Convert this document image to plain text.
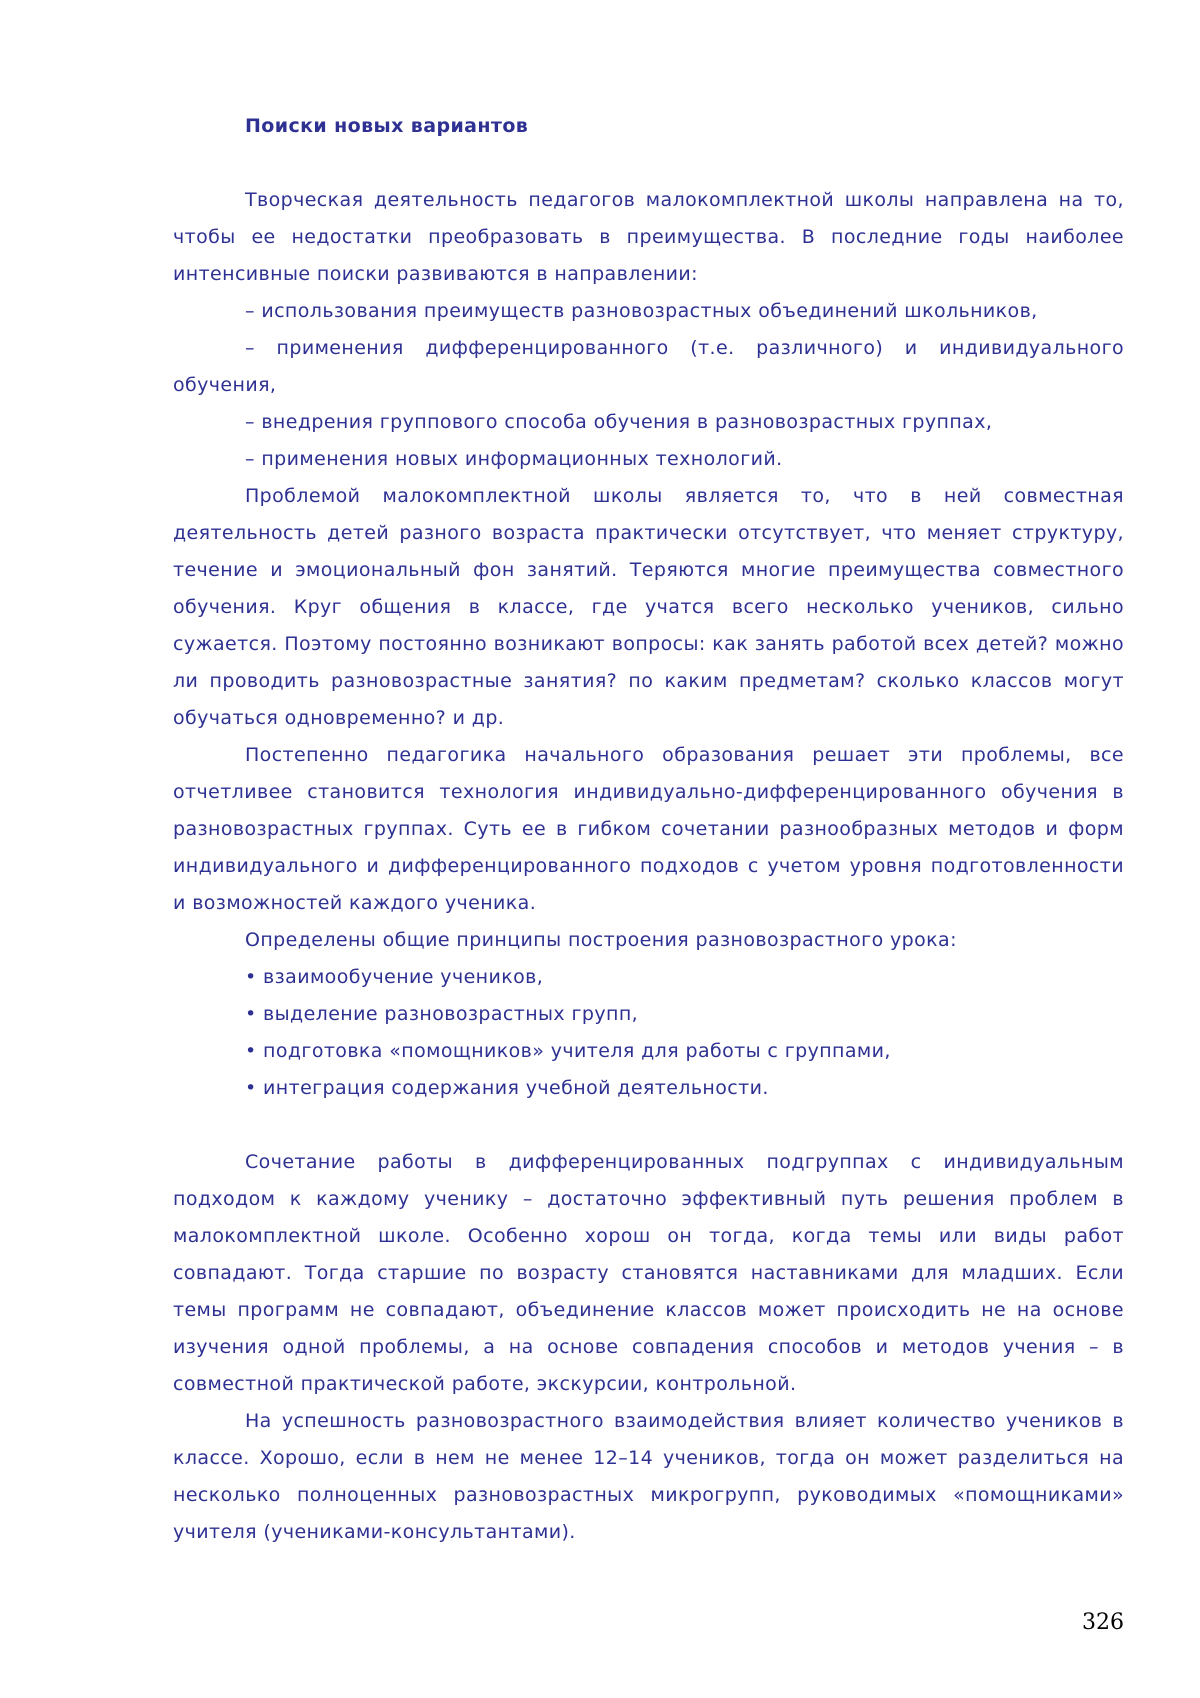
Поиски новых вариантов

Творческая деятельность педагогов малокомплектной школы направлена на то, чтобы ее недостатки преобразовать в преимущества. В последние годы наиболее интенсивные поиски развиваются в направлении:

– использования преимуществ разновозрастных объединений школьников,

– применения дифференцированного (т.е. различного) и индивидуального обучения,

– внедрения группового способа обучения в разновозрастных группах,

– применения новых информационных технологий.

Проблемой малокомплектной школы является то, что в ней совместная деятельность детей разного возраста практически отсутствует, что меняет структуру, течение и эмоциональный фон занятий. Теряются многие преимущества совместного обучения. Круг общения в классе, где учатся всего несколько учеников, сильно сужается. Поэтому постоянно возникают вопросы: как занять работой всех детей? можно ли проводить разновозрастные занятия? по каким предметам? сколько классов могут обучаться одновременно? и др.

Постепенно педагогика начального образования решает эти проблемы, все отчетливее становится технология индивидуально-дифференцированного обучения в разновозрастных группах. Суть ее в гибком сочетании разнообразных методов и форм индивидуального и дифференцированного подходов с учетом уровня подготовленности и возможностей каждого ученика.

Определены общие принципы построения разновозрастного урока:

• взаимообучение учеников,

• выделение разновозрастных групп,

• подготовка «помощников» учителя для работы с группами,

• интеграция содержания учебной деятельности.

Сочетание работы в дифференцированных подгруппах с индивидуальным подходом к каждому ученику – достаточно эффективный путь решения проблем в малокомплектной школе. Особенно хорош он тогда, когда темы или виды работ совпадают. Тогда старшие по возрасту становятся наставниками для младших. Если темы программ не совпадают, объединение классов может происходить не на основе изучения одной проблемы, а на основе совпадения способов и методов учения – в совместной практической работе, экскурсии, контрольной.

На успешность разновозрастного взаимодействия влияет количество учеников в классе. Хорошо, если в нем не менее 12–14 учеников, тогда он может разделиться на несколько полноценных разновозрастных микрогрупп, руководимых «помощниками» учителя (учениками-консультантами).

326
